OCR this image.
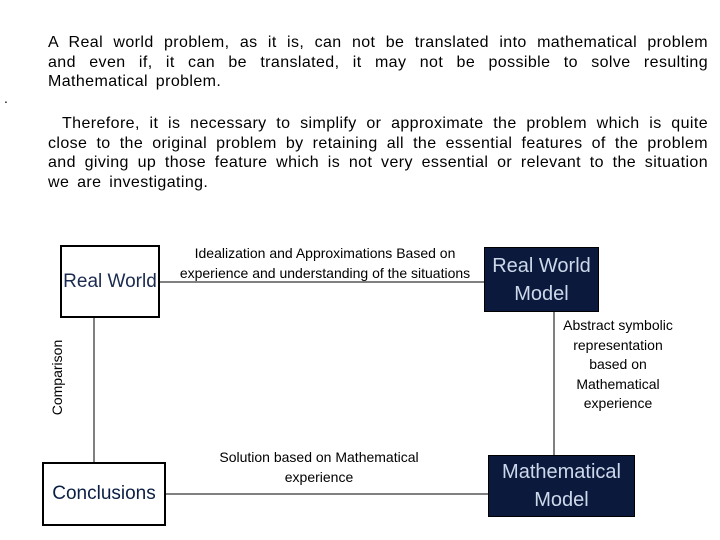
.
A Real world problem, as it is, can not be translated into mathematical problem and even if, it can be translated, it may not be possible to solve resulting Mathematical problem.
Therefore, it is necessary to simplify or approximate the problem which is quite close to the original problem by retaining all the essential features of the problem and giving up those feature which is not very essential or relevant to the situation we are investigating.
Real World
Real World Model
Conclusions
Mathematical Model
Idealization and Approximations Based on experience and understanding of the situations
Abstract symbolic representation based on Mathematical experience
Solution based on Mathematical experience
Comparison
